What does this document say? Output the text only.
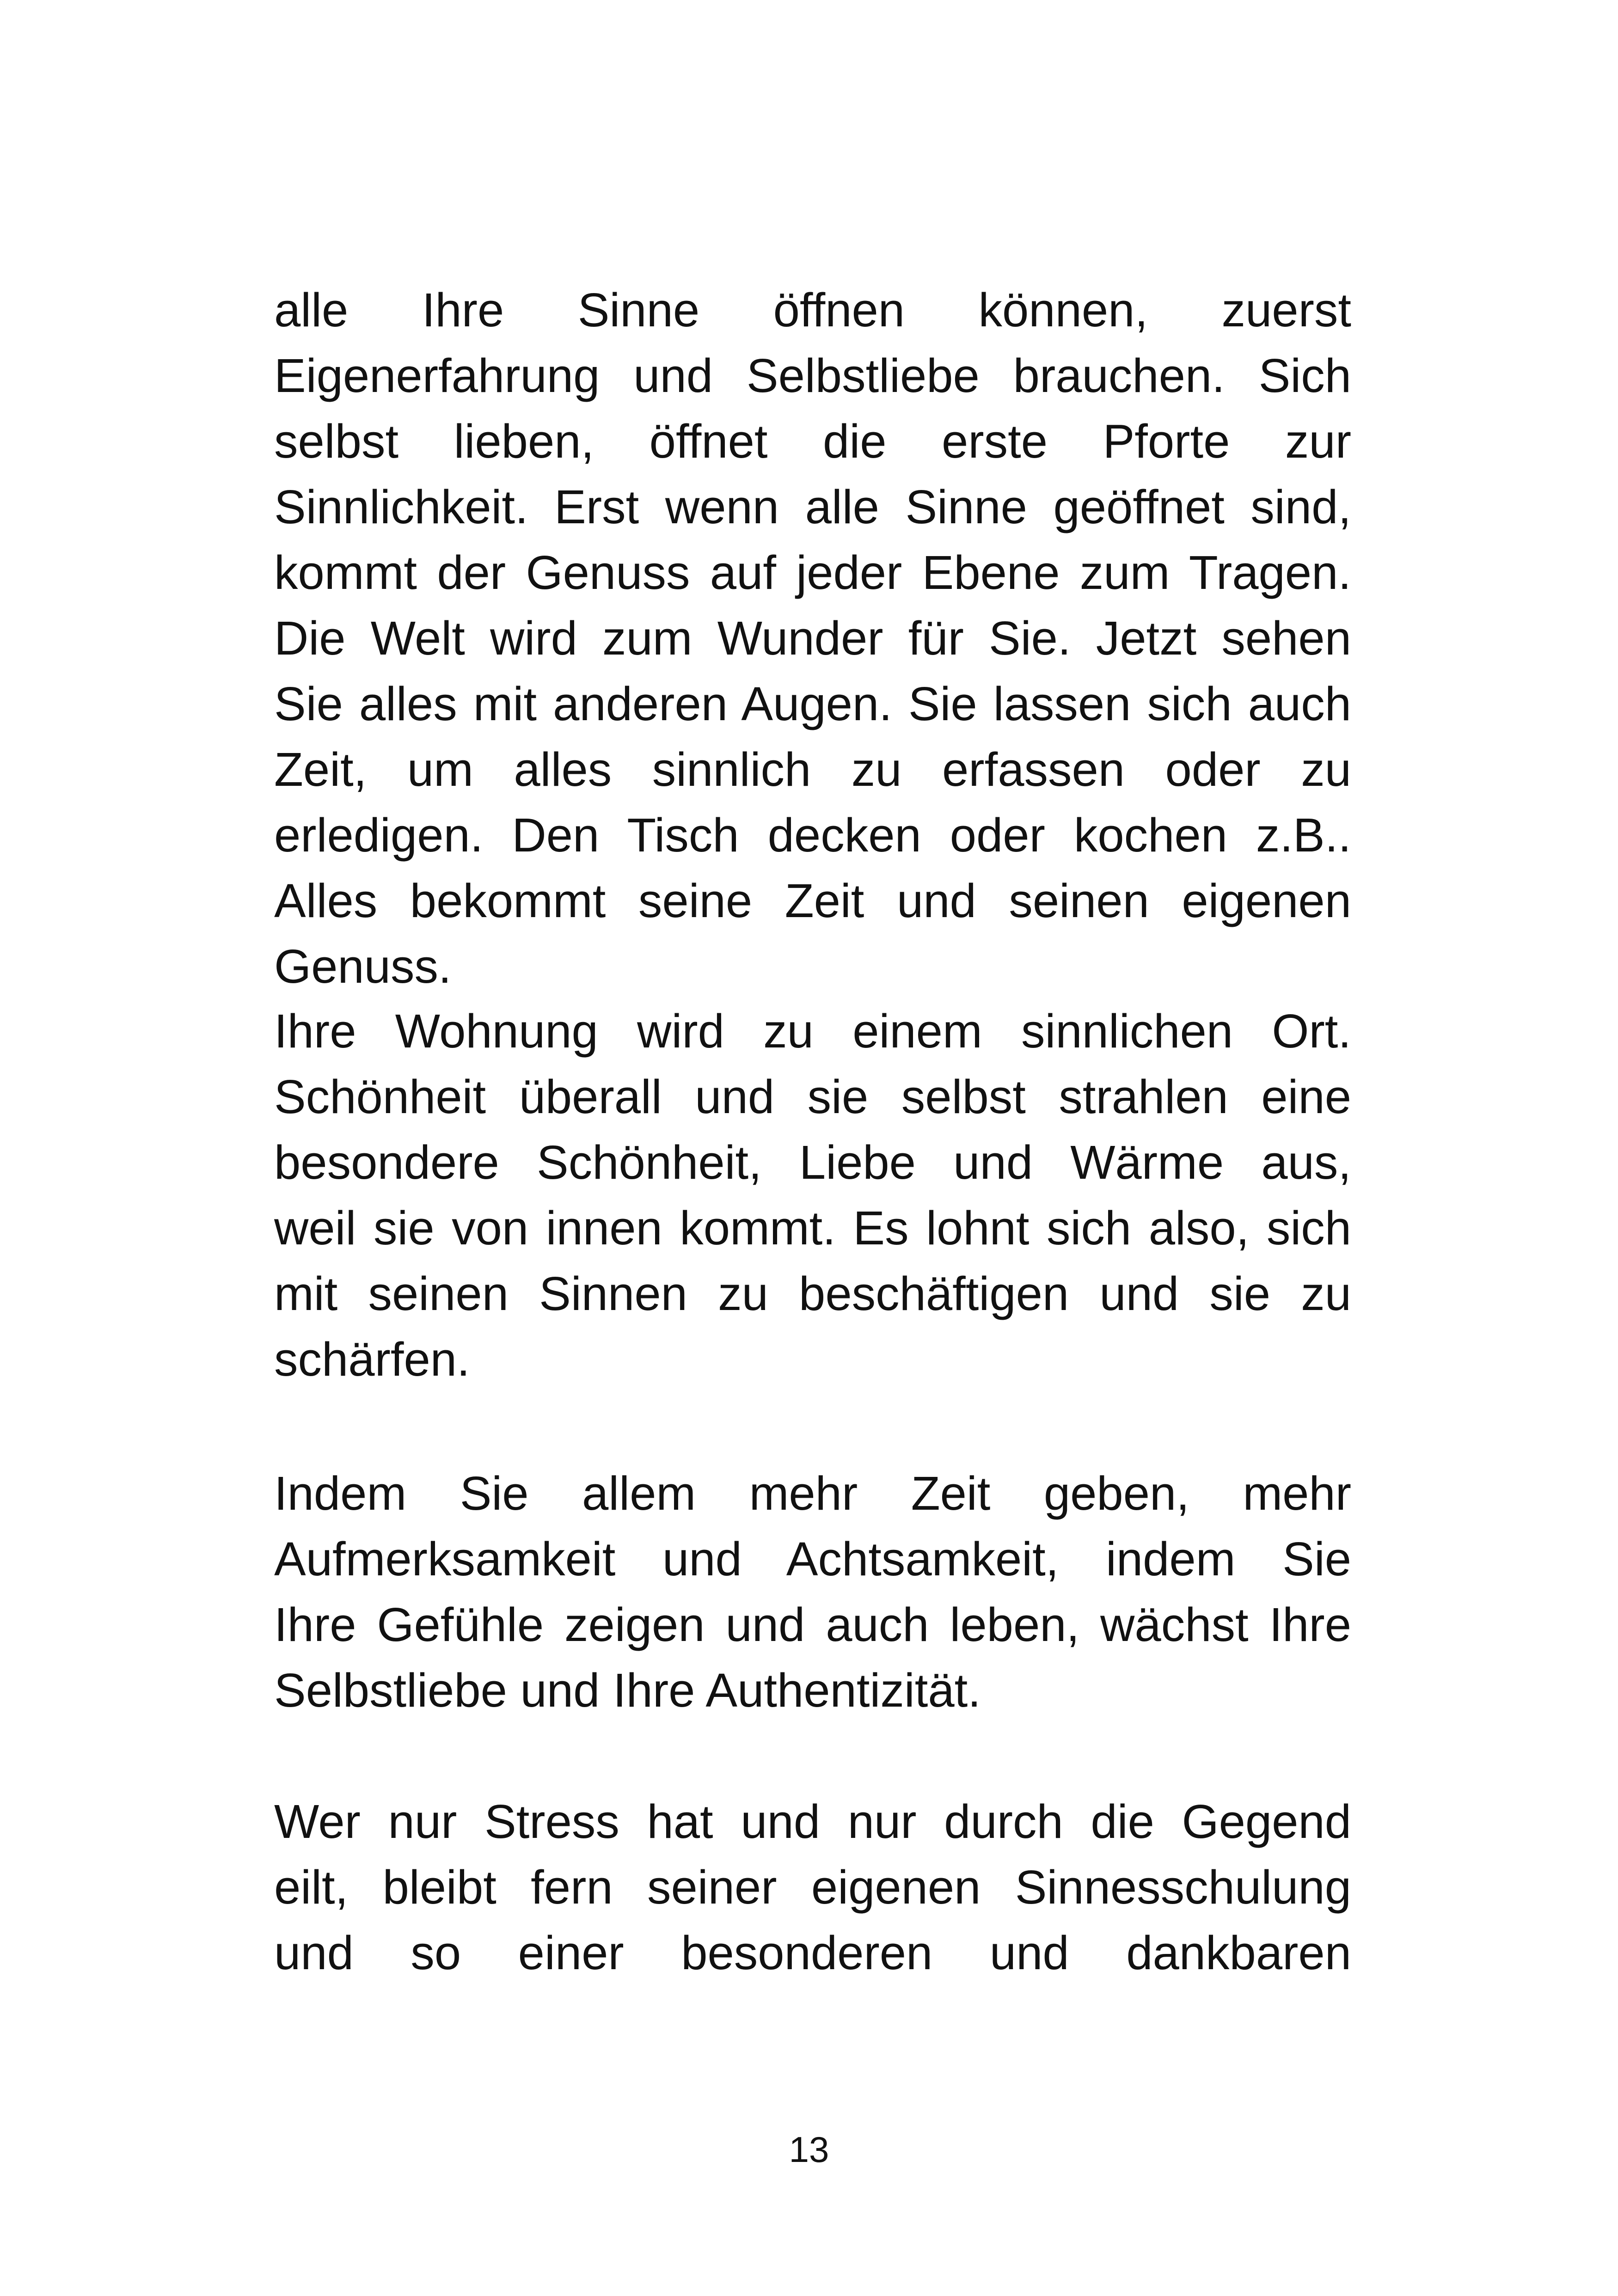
alle Ihre Sinne öffnen können, zuerst
Eigenerfahrung und Selbstliebe brauchen. Sich
selbst lieben, öffnet die erste Pforte zur
Sinnlichkeit. Erst wenn alle Sinne geöffnet sind,
kommt der Genuss auf jeder Ebene zum Tragen.
Die Welt wird zum Wunder für Sie. Jetzt sehen
Sie alles mit anderen Augen. Sie lassen sich auch
Zeit, um alles sinnlich zu erfassen oder zu
erledigen. Den Tisch decken oder kochen z.B..
Alles bekommt seine Zeit und seinen eigenen
Genuss.
Ihre Wohnung wird zu einem sinnlichen Ort.
Schönheit überall und sie selbst strahlen eine
besondere Schönheit, Liebe und Wärme aus,
weil sie von innen kommt. Es lohnt sich also, sich
mit seinen Sinnen zu beschäftigen und sie zu
schärfen.
Indem Sie allem mehr Zeit geben, mehr
Aufmerksamkeit und Achtsamkeit, indem Sie
Ihre Gefühle zeigen und auch leben, wächst Ihre
Selbstliebe und Ihre Authentizität.
Wer nur Stress hat und nur durch die Gegend
eilt, bleibt fern seiner eigenen Sinnesschulung
und so einer besonderen und dankbaren
13
